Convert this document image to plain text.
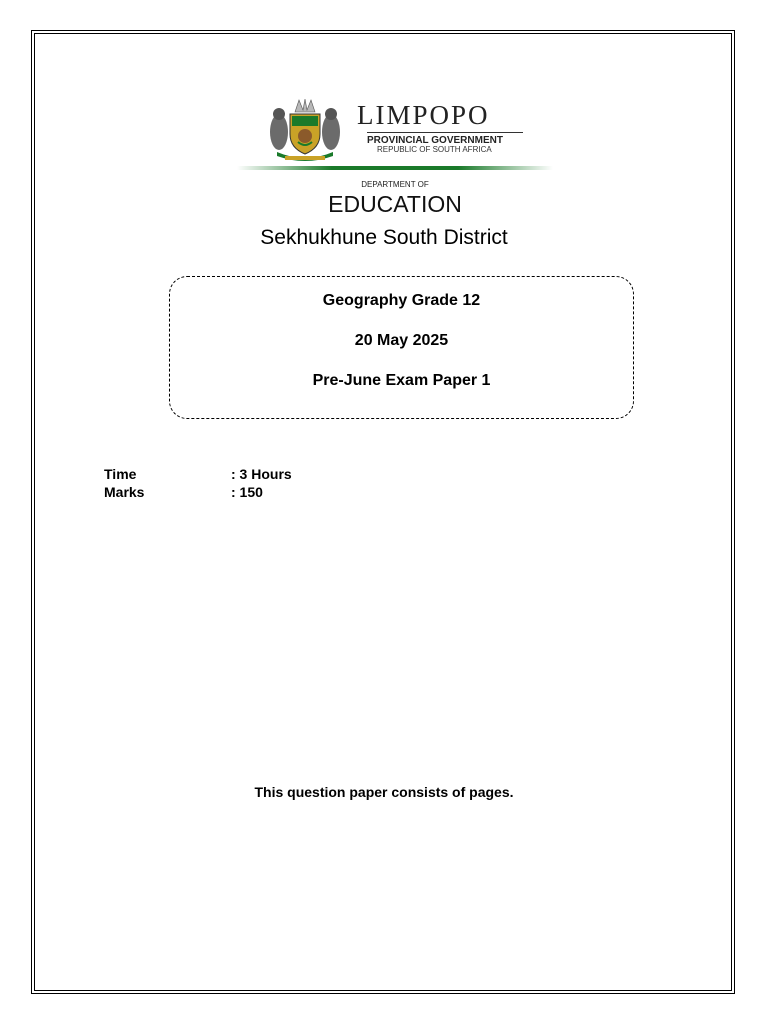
LIMPOPO
PROVINCIAL GOVERNMENT
REPUBLIC OF SOUTH AFRICA
DEPARTMENT OF
EDUCATION
Sekhukhune South District
Geography Grade 12
20 May 2025
Pre-June Exam Paper 1
Time	: 3 Hours
Marks	: 150
This question paper consists of pages.
